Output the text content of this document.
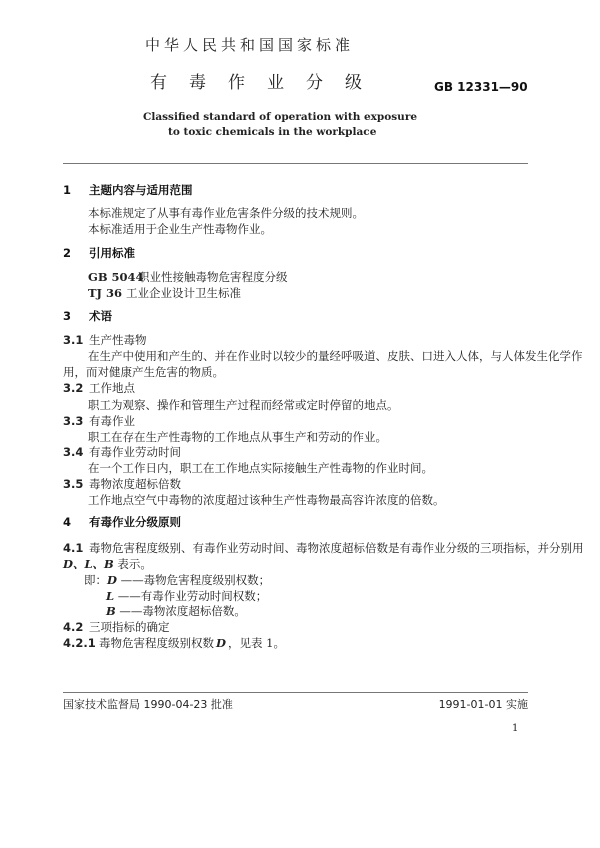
中华人民共和国国家标准
有毒作业分级	GB 12331—90
Classified standard of operation with exposure
to toxic chemicals in the workplace
1 主题内容与适用范围
本标准规定了从事有毒作业危害条件分级的技术规则。
本标准适用于企业生产性毒物作业。
2 引用标准
GB 5044职业性接触毒物危害程度分级
TJ 36 工业企业设计卫生标准
3 术语
3.1 生产性毒物
在生产中使用和产生的、并在作业时以较少的量经呼吸道、皮肤、口进入人体，与人体发生化学作
用，而对健康产生危害的物质。
3.2 工作地点
职工为观察、操作和管理生产过程而经常或定时停留的地点。
3.3 有毒作业
职工在存在生产性毒物的工作地点从事生产和劳动的作业。
3.4 有毒作业劳动时间
在一个工作日内，职工在工作地点实际接触生产性毒物的作业时间。
3.5 毒物浓度超标倍数
工作地点空气中毒物的浓度超过该种生产性毒物最高容许浓度的倍数。
4 有毒作业分级原则
4.1 毒物危害程度级别、有毒作业劳动时间、毒物浓度超标倍数是有毒作业分级的三项指标，并分别用
D、L、B 表示。
即：D ——毒物危害程度级别权数；
L ——有毒作业劳动时间权数；
B ——毒物浓度超标倍数。
4.2 三项指标的确定
4.2.1 毒物危害程度级别权数 D ，见表 1。
国家技术监督局 1990-04-23 批准	1991-01-01 实施
1
